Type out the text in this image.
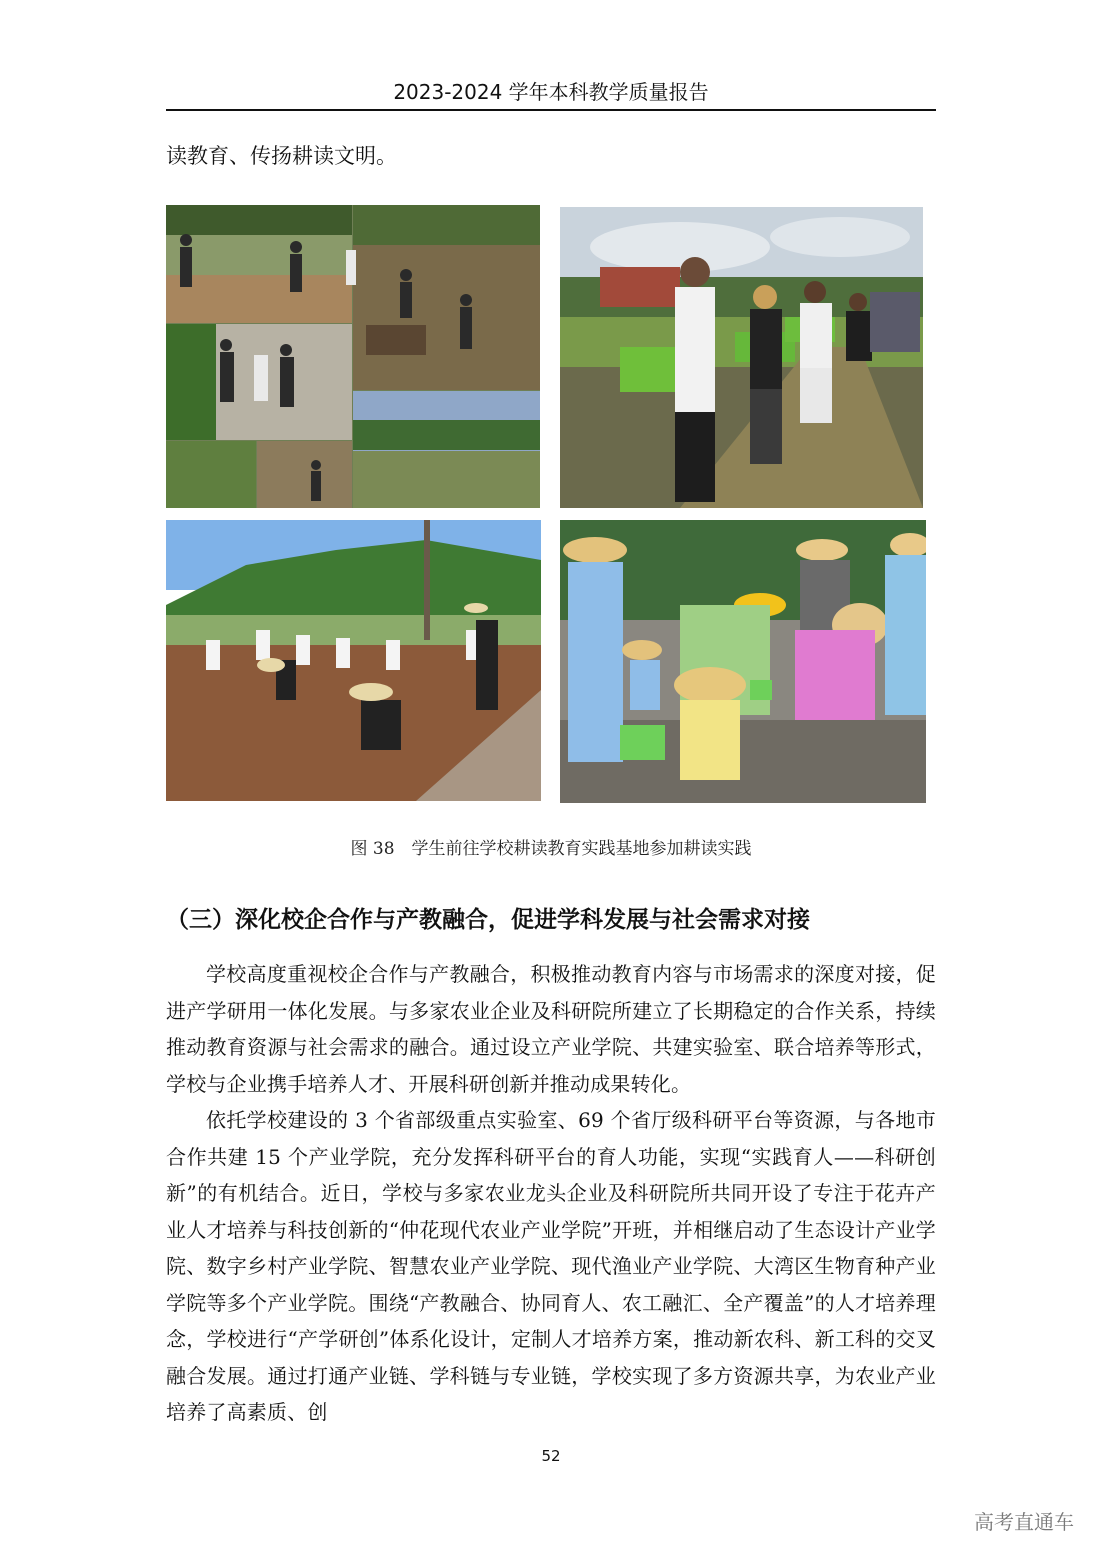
2023-2024 学年本科教学质量报告
读教育、传扬耕读文明。
图 38　学生前往学校耕读教育实践基地参加耕读实践
（三）深化校企合作与产教融合，促进学科发展与社会需求对接

学校高度重视校企合作与产教融合，积极推动教育内容与市场需求的深度对接，促进产学研用一体化发展。与多家农业企业及科研院所建立了长期稳定的合作关系，持续推动教育资源与社会需求的融合。通过设立产业学院、共建实验室、联合培养等形式，学校与企业携手培养人才、开展科研创新并推动成果转化。

依托学校建设的 3 个省部级重点实验室、69 个省厅级科研平台等资源，与各地市合作共建 15 个产业学院，充分发挥科研平台的育人功能，实现“实践育人——科研创新”的有机结合。近日，学校与多家农业龙头企业及科研院所共同开设了专注于花卉产业人才培养与科技创新的“仲花现代农业产业学院”开班，并相继启动了生态设计产业学院、数字乡村产业学院、智慧农业产业学院、现代渔业产业学院、大湾区生物育种产业学院等多个产业学院。围绕“产教融合、协同育人、农工融汇、全产覆盖”的人才培养理念，学校进行“产学研创”体系化设计，定制人才培养方案，推动新农科、新工科的交叉融合发展。通过打通产业链、学科链与专业链，学校实现了多方资源共享，为农业产业培养了高素质、创

52
高考直通车
